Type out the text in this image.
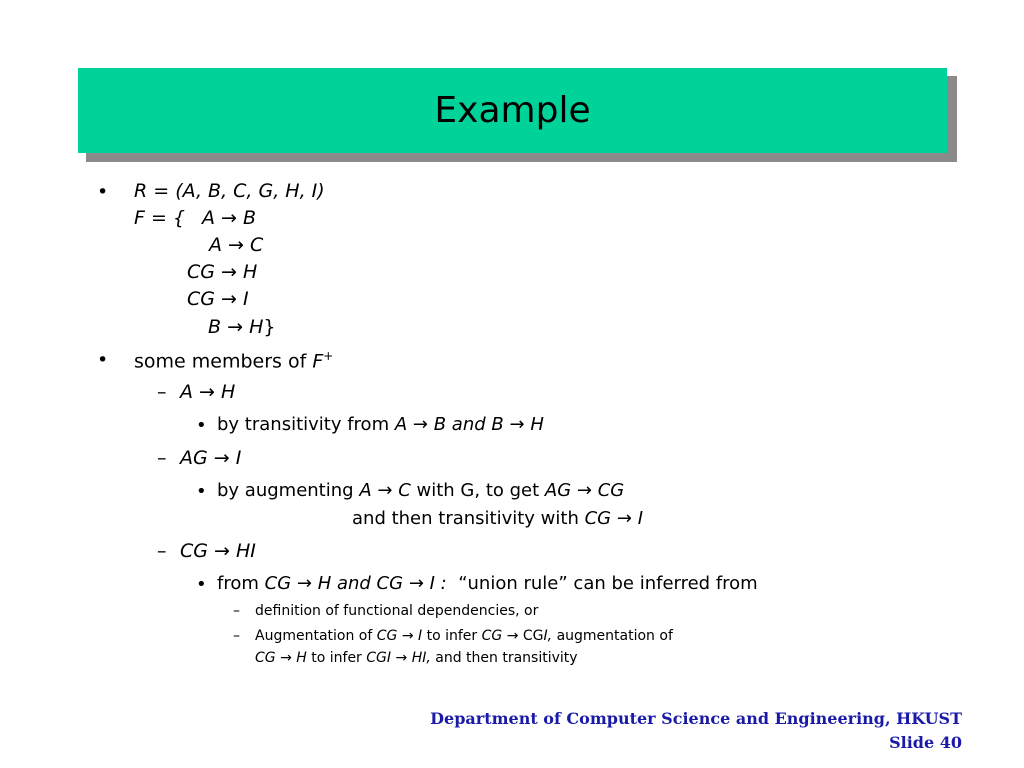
Example
• R = (A, B, C, G, H, I)
F = { A → B
A → C
CG → H
CG → I
B → H}
• some members of F+
– A → H
• by transitivity from A → B and B → H
– AG → I
• by augmenting A → C with G, to get AG → CG
and then transitivity with CG → I
– CG → HI
• from CG → H and CG → I : “union rule” can be inferred from
– definition of functional dependencies, or
– Augmentation of CG → I to infer CG → CGI, augmentation of
CG → H to infer CGI → HI, and then transitivity
Department of Computer Science and Engineering, HKUST
Slide 40
